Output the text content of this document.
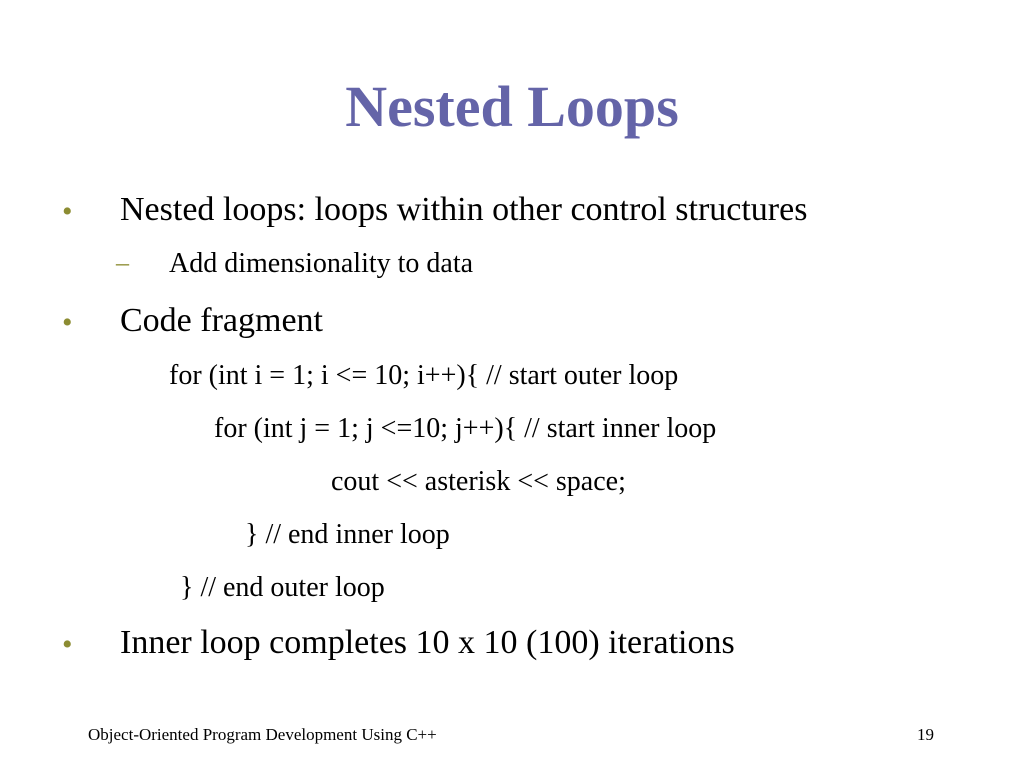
Nested Loops
• Nested loops: loops within other control structures
– Add dimensionality to data
• Code fragment
for (int i = 1; i <= 10; i++){ // start outer loop
for (int j = 1; j <=10; j++){ // start inner loop
cout << asterisk << space;
} // end inner loop
} // end outer loop
• Inner loop completes 10 x 10 (100) iterations
Object-Oriented Program Development Using C++	19
